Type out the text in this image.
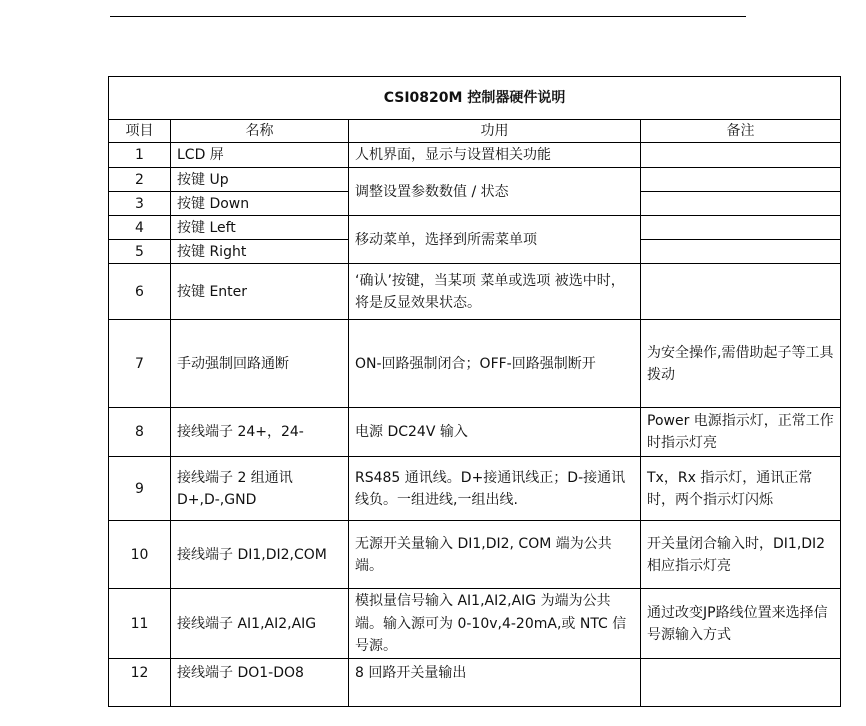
CSI0820M 控制器硬件说明			
项目	名称	功用	备注
1	LCD 屏	人机界面，显示与设置相关功能	
2	按键 Up	调整设置参数数值 / 状态	
3	按键 Down		
4	按键 Left	移动菜单，选择到所需菜单项	
5	按键 Right		
6	按键 Enter	‘确认’按键，当某项 菜单或选项 被选中时，将是反显效果状态。	
7	手动强制回路通断	ON-回路强制闭合；OFF-回路强制断开	为安全操作,需借助起子等工具拨动
8	接线端子 24+，24-	电源 DC24V 输入	Power 电源指示灯，正常工作时指示灯亮
9	接线端子 2 组通讯 D+,D-,GND	RS485 通讯线。D+接通讯线正；D-接通讯线负。一组进线,一组出线.	Tx，Rx 指示灯，通讯正常时，两个指示灯闪烁
10	接线端子 DI1,DI2,COM	无源开关量输入 DI1,DI2, COM 端为公共端。	开关量闭合输入时，DI1,DI2 相应指示灯亮
11	接线端子 AI1,AI2,AIG	模拟量信号输入 AI1,AI2,AIG 为端为公共端。输入源可为 0-10v,4-20mA,或 NTC 信号源。	通过改变JP路线位置来选择信号源输入方式
12	接线端子 DO1-DO8	8 回路开关量输出	
